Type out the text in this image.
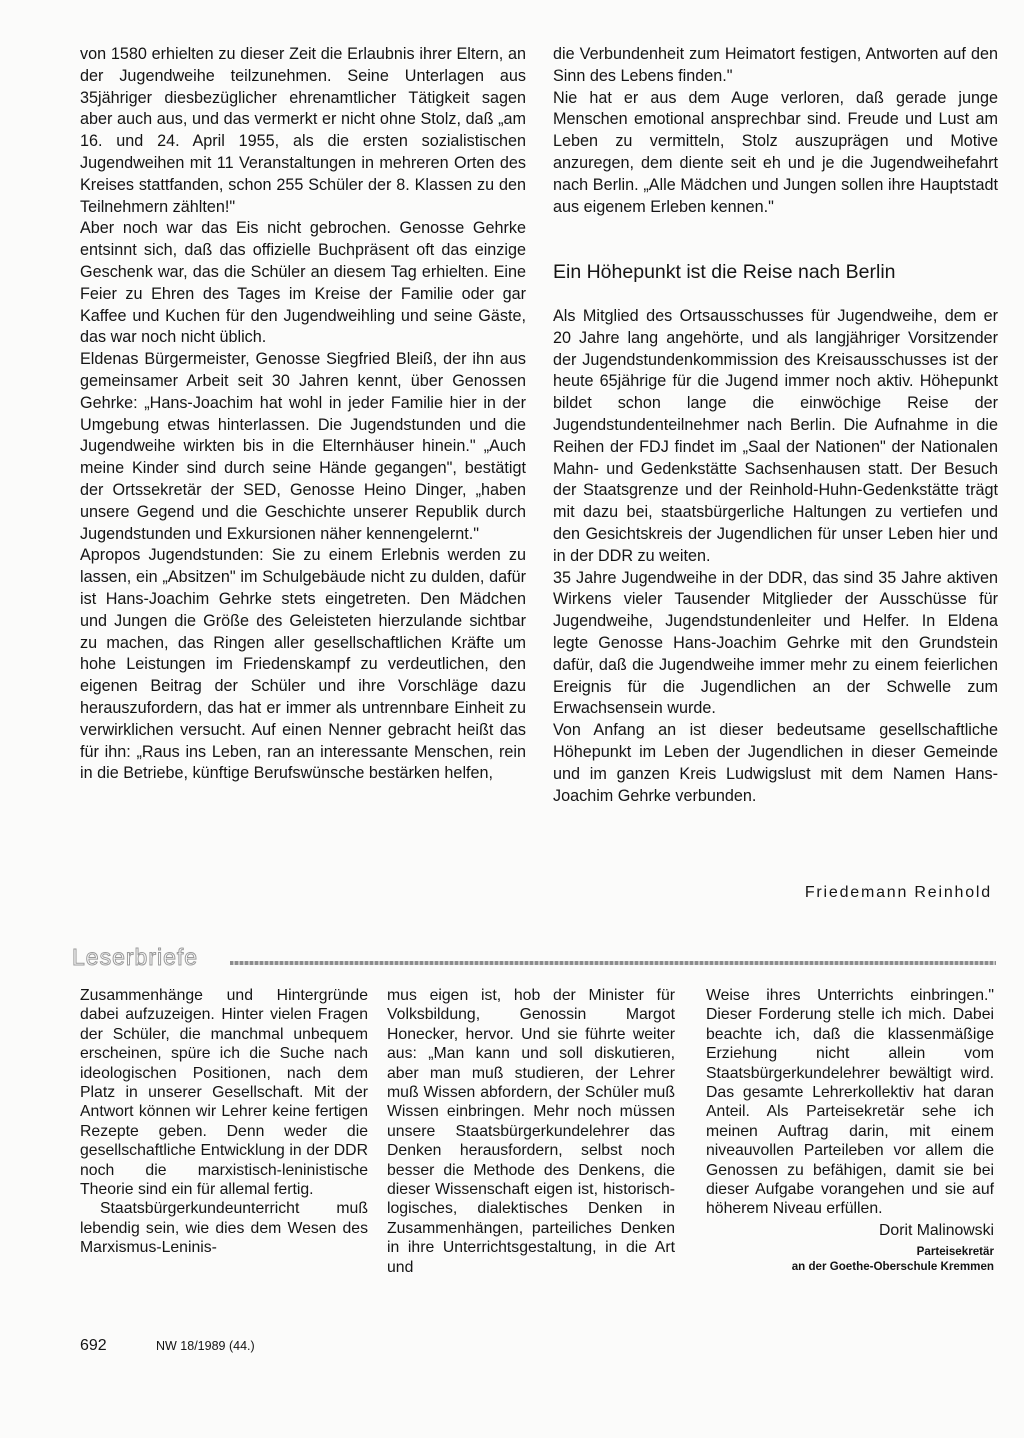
von 1580 erhielten zu dieser Zeit die Erlaubnis ihrer Eltern, an der Jugendweihe teilzunehmen. Seine Unterlagen aus 35jähriger diesbezüglicher ehrenamtlicher Tätigkeit sagen aber auch aus, und das vermerkt er nicht ohne Stolz, daß „am 16. und 24. April 1955, als die ersten sozialistischen Jugendweihen mit 11 Veranstaltungen in mehreren Orten des Kreises stattfanden, schon 255 Schüler der 8. Klassen zu den Teilnehmern zählten!"

Aber noch war das Eis nicht gebrochen. Genosse Gehrke entsinnt sich, daß das offizielle Buchpräsent oft das einzige Geschenk war, das die Schüler an diesem Tag erhielten. Eine Feier zu Ehren des Tages im Kreise der Familie oder gar Kaffee und Kuchen für den Jugendweihling und seine Gäste, das war noch nicht üblich.

Eldenas Bürgermeister, Genosse Siegfried Bleiß, der ihn aus gemeinsamer Arbeit seit 30 Jahren kennt, über Genossen Gehrke: „Hans-Joachim hat wohl in jeder Familie hier in der Umgebung etwas hinterlassen. Die Jugendstunden und die Jugendweihe wirkten bis in die Elternhäuser hinein." „Auch meine Kinder sind durch seine Hände gegangen", bestätigt der Ortssekretär der SED, Genosse Heino Dinger, „haben unsere Gegend und die Geschichte unserer Republik durch Jugendstunden und Exkursionen näher kennengelernt."

Apropos Jugendstunden: Sie zu einem Erlebnis werden zu lassen, ein „Absitzen" im Schulgebäude nicht zu dulden, dafür ist Hans-Joachim Gehrke stets eingetreten. Den Mädchen und Jungen die Größe des Geleisteten hierzulande sichtbar zu machen, das Ringen aller gesellschaftlichen Kräfte um hohe Leistungen im Friedenskampf zu verdeutlichen, den eigenen Beitrag der Schüler und ihre Vorschläge dazu herauszufordern, das hat er immer als untrennbare Einheit zu verwirklichen versucht. Auf einen Nenner gebracht heißt das für ihn: „Raus ins Leben, ran an interessante Menschen, rein in die Betriebe, künftige Berufswünsche bestärken helfen,

die Verbundenheit zum Heimatort festigen, Antworten auf den Sinn des Lebens finden."

Nie hat er aus dem Auge verloren, daß gerade junge Menschen emotional ansprechbar sind. Freude und Lust am Leben zu vermitteln, Stolz auszuprägen und Motive anzuregen, dem diente seit eh und je die Jugendweihefahrt nach Berlin. „Alle Mädchen und Jungen sollen ihre Hauptstadt aus eigenem Erleben kennen."

Ein Höhepunkt ist die Reise nach Berlin

Als Mitglied des Ortsausschusses für Jugendweihe, dem er 20 Jahre lang angehörte, und als langjähriger Vorsitzender der Jugendstundenkommission des Kreisausschusses ist der heute 65jährige für die Jugend immer noch aktiv. Höhepunkt bildet schon lange die einwöchige Reise der Jugendstundenteilnehmer nach Berlin. Die Aufnahme in die Reihen der FDJ findet im „Saal der Nationen" der Nationalen Mahn- und Gedenkstätte Sachsenhausen statt. Der Besuch der Staatsgrenze und der Reinhold-Huhn-Gedenkstätte trägt mit dazu bei, staatsbürgerliche Haltungen zu vertiefen und den Gesichtskreis der Jugendlichen für unser Leben hier und in der DDR zu weiten.

35 Jahre Jugendweihe in der DDR, das sind 35 Jahre aktiven Wirkens vieler Tausender Mitglieder der Ausschüsse für Jugendweihe, Jugendstundenleiter und Helfer. In Eldena legte Genosse Hans-Joachim Gehrke mit den Grundstein dafür, daß die Jugendweihe immer mehr zu einem feierlichen Ereignis für die Jugendlichen an der Schwelle zum Erwachsensein wurde.

Von Anfang an ist dieser bedeutsame gesellschaftliche Höhepunkt im Leben der Jugendlichen in dieser Gemeinde und im ganzen Kreis Ludwigslust mit dem Namen Hans-Joachim Gehrke verbunden.

Friedemann Reinhold
Leserbriefe

Zusammenhänge und Hintergründe dabei aufzuzeigen. Hinter vielen Fragen der Schüler, die manchmal unbequem erscheinen, spüre ich die Suche nach ideologischen Positionen, nach dem Platz in unserer Gesellschaft. Mit der Antwort können wir Lehrer keine fertigen Rezepte geben. Denn weder die gesellschaftliche Entwicklung in der DDR noch die marxistisch-leninistische Theorie sind ein für allemal fertig.

Staatsbürgerkundeunterricht muß lebendig sein, wie dies dem Wesen des Marxismus-Leninis-

mus eigen ist, hob der Minister für Volksbildung, Genossin Margot Honecker, hervor. Und sie führte weiter aus: „Man kann und soll diskutieren, aber man muß studieren, der Lehrer muß Wissen abfordern, der Schüler muß Wissen einbringen. Mehr noch müssen unsere Staatsbürgerkundelehrer das Denken herausfordern, selbst noch besser die Methode des Denkens, die dieser Wissenschaft eigen ist, historisch-logisches, dialektisches Denken in Zusammenhängen, parteiliches Denken in ihre Unterrichtsgestaltung, in die Art und

Weise ihres Unterrichts einbringen." Dieser Forderung stelle ich mich. Dabei beachte ich, daß die klassenmäßige Erziehung nicht allein vom Staatsbürgerkundelehrer bewältigt wird. Das gesamte Lehrerkollektiv hat daran Anteil. Als Parteisekretär sehe ich meinen Auftrag darin, mit einem niveauvollen Parteileben vor allem die Genossen zu befähigen, damit sie bei dieser Aufgabe vorangehen und sie auf höherem Niveau erfüllen.

Dorit Malinowski
Parteisekretär
an der Goethe-Oberschule Kremmen
692	NW 18/1989 (44.)
